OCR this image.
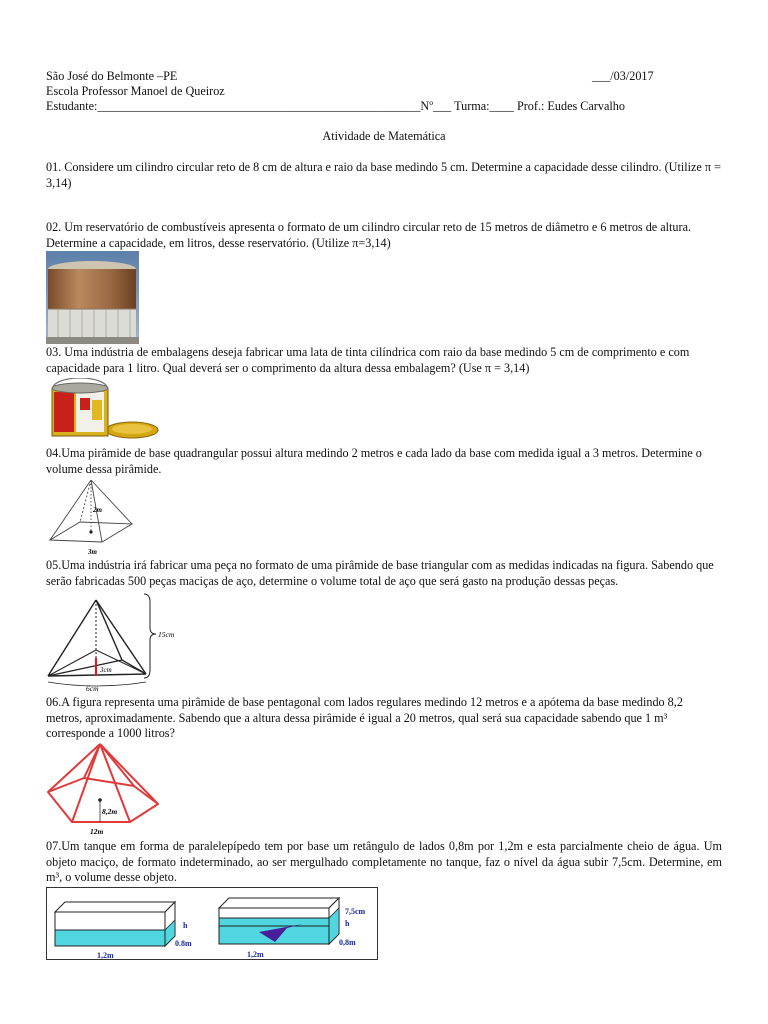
São José do Belmonte –PE	___/03/2017
Escola Professor Manoel de Queiroz
Estudante:_____________________________________________________Nº___ Turma:____ Prof.: Eudes Carvalho
Atividade de Matemática
01. Considere um cilindro circular reto de 8 cm de altura e raio da base medindo 5 cm. Determine a capacidade desse cilindro. (Utilize π = 3,14)
02. Um reservatório de combustíveis apresenta o formato de um cilindro circular reto de 15 metros de diâmetro e 6 metros de altura. Determine a capacidade, em litros, desse reservatório. (Utilize π=3,14)
03. Uma indústria de embalagens deseja fabricar uma lata de tinta cilíndrica com raio da base medindo 5 cm de comprimento e com capacidade para 1 litro. Qual deverá ser o comprimento da altura dessa embalagem? (Use π = 3,14)
04.Uma pirâmide de base quadrangular possui altura medindo 2 metros e cada lado da base com medida igual a 3 metros. Determine o volume dessa pirâmide.
2m
3m
05.Uma indústria irá fabricar uma peça no formato de uma pirâmide de base triangular com as medidas indicadas na figura. Sabendo que serão fabricadas 500 peças maciças de aço, determine o volume total de aço que será gasto na produção dessas peças.
15cm
3cm
6cm
06.A figura representa uma pirâmide de base pentagonal com lados regulares medindo 12 metros e a apótema da base medindo 8,2 metros, aproximadamente. Sabendo que a altura dessa pirâmide é igual a 20 metros, qual será sua capacidade sabendo que 1 m³ corresponde a 1000 litros?
8,2m
12m
07.Um tanque em forma de paralelepípedo tem por base um retângulo de lados 0,8m por 1,2m e esta parcialmente cheio de água. Um objeto maciço, de formato indeterminado, ao ser mergulhado completamente no tanque, faz o nível da água subir 7,5cm. Determine, em m³, o volume desse objeto.
h
0.8m
1,2m
7,5cm
h
0,8m
1,2m
